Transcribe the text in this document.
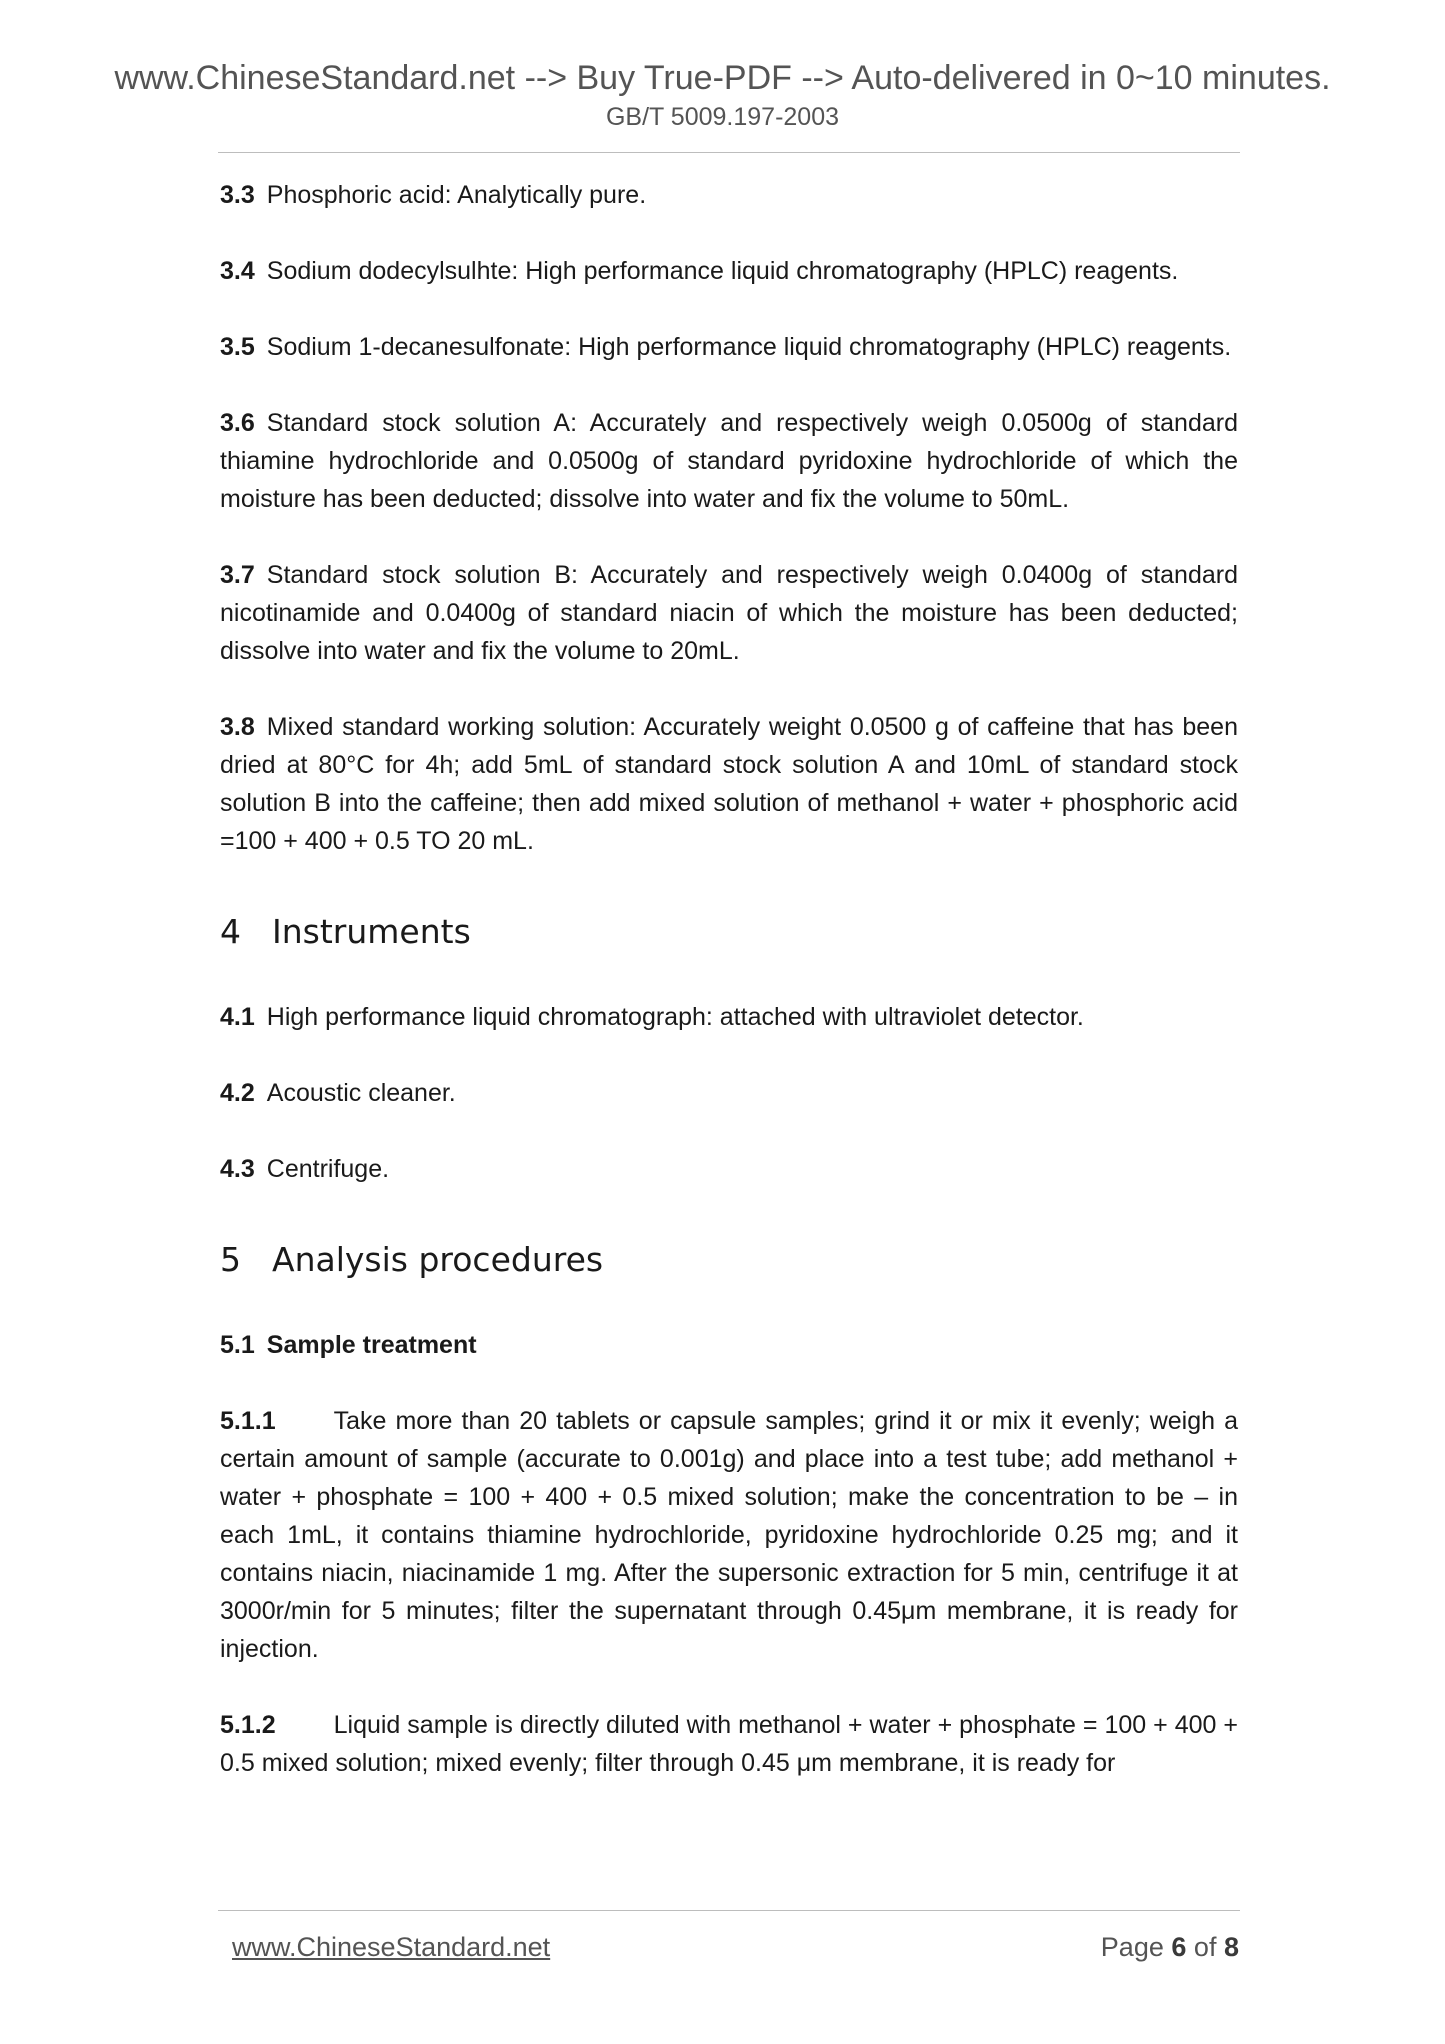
www.ChineseStandard.net --> Buy True-PDF --> Auto-delivered in 0~10 minutes.
GB/T 5009.197-2003

3.3 Phosphoric acid: Analytically pure.

3.4 Sodium dodecylsulhte: High performance liquid chromatography (HPLC) reagents.

3.5 Sodium 1-decanesulfonate: High performance liquid chromatography (HPLC) reagents.

3.6 Standard stock solution A: Accurately and respectively weigh 0.0500g of standard thiamine hydrochloride and 0.0500g of standard pyridoxine hydrochloride of which the moisture has been deducted; dissolve into water and fix the volume to 50mL.

3.7 Standard stock solution B: Accurately and respectively weigh 0.0400g of standard nicotinamide and 0.0400g of standard niacin of which the moisture has been deducted; dissolve into water and fix the volume to 20mL.

3.8 Mixed standard working solution: Accurately weight 0.0500 g of caffeine that has been dried at 80°C for 4h; add 5mL of standard stock solution A and 10mL of standard stock solution B into the caffeine; then add mixed solution of methanol + water + phosphoric acid =100 + 400 + 0.5 TO 20 mL.

4 Instruments

4.1 High performance liquid chromatograph: attached with ultraviolet detector.

4.2 Acoustic cleaner.

4.3 Centrifuge.

5 Analysis procedures

5.1 Sample treatment

5.1.1 Take more than 20 tablets or capsule samples; grind it or mix it evenly; weigh a certain amount of sample (accurate to 0.001g) and place into a test tube; add methanol + water + phosphate = 100 + 400 + 0.5 mixed solution; make the concentration to be – in each 1mL, it contains thiamine hydrochloride, pyridoxine hydrochloride 0.25 mg; and it contains niacin, niacinamide 1 mg. After the supersonic extraction for 5 min, centrifuge it at 3000r/min for 5 minutes; filter the supernatant through 0.45μm membrane, it is ready for injection.

5.1.2 Liquid sample is directly diluted with methanol + water + phosphate = 100 + 400 + 0.5 mixed solution; mixed evenly; filter through 0.45 μm membrane, it is ready for

www.ChineseStandard.net	Page 6 of 8
